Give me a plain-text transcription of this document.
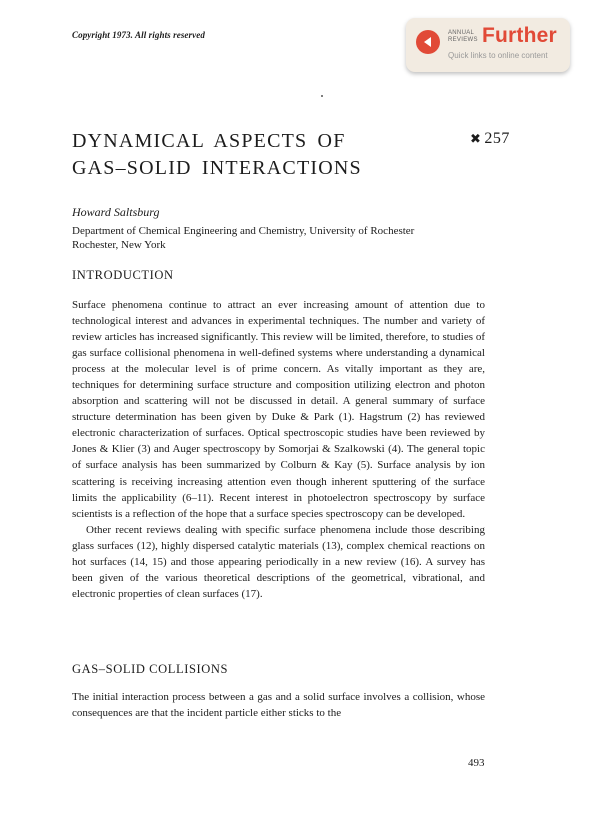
Copyright 1973. All rights reserved	ANNUAL
REVIEWS Further
Quick links to online content
DYNAMICAL ASPECTS OF
GAS–SOLID INTERACTIONS
✖ 257
Howard Saltsburg
Department of Chemical Engineering and Chemistry, University of Rochester
Rochester, New York
INTRODUCTION

Surface phenomena continue to attract an ever increasing amount of attention due to technological interest and advances in experimental techniques. The number and variety of review articles has increased significantly. This review will be limited, therefore, to studies of gas surface collisional phenomena in well-defined systems where understanding a dynamical process at the molecular level is of prime concern. As vitally important as they are, techniques for determining surface structure and composition utilizing electron and photon absorption and scattering will not be discussed in detail. A general summary of surface structure determination has been given by Duke & Park (1). Hagstrum (2) has reviewed electronic characterization of surfaces. Optical spectroscopic studies have been reviewed by Jones & Klier (3) and Auger spectroscopy by Somorjai & Szalkowski (4). The general topic of surface analysis has been summarized by Colburn & Kay (5). Surface analysis by ion scattering is receiving increasing attention even though inherent sputtering of the surface limits the applicability (6–11). Recent interest in photoelectron spectroscopy by surface scientists is a reflection of the hope that a surface species spectroscopy can be developed.

Other recent reviews dealing with specific surface phenomena include those describing glass surfaces (12), highly dispersed catalytic materials (13), complex chemical reactions on hot surfaces (14, 15) and those appearing periodically in a new review (16). A survey has been given of the various theoretical descriptions of the geometrical, vibrational, and electronic properties of clean surfaces (17).

GAS–SOLID COLLISIONS

The initial interaction process between a gas and a solid surface involves a collision, whose consequences are that the incident particle either sticks to the

493
